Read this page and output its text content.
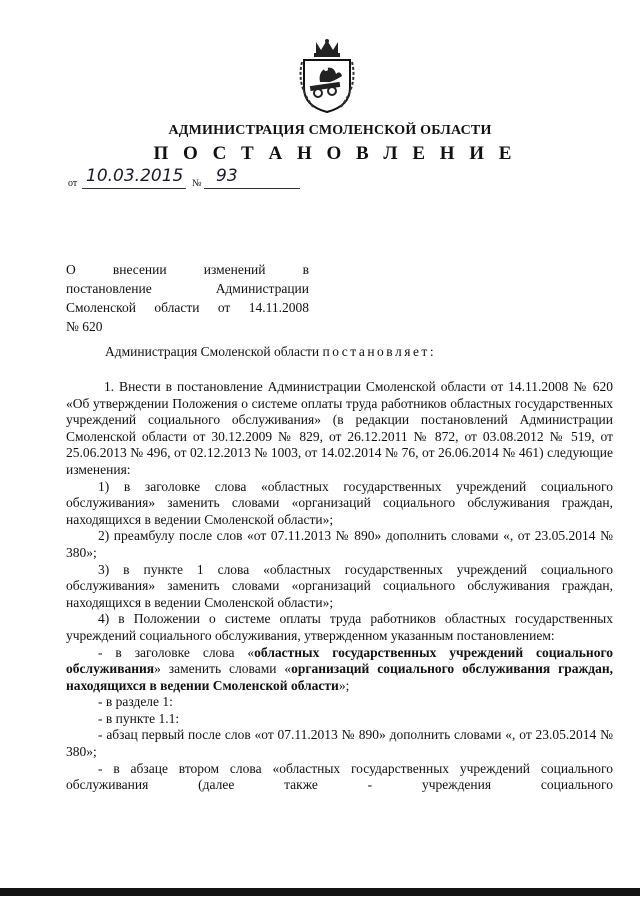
АДМИНИСТРАЦИЯ СМОЛЕНСКОЙ ОБЛАСТИ
П О С Т А Н О В Л Е Н И Е
от 10.03.2015 № 93
О	внесении	изменений	в
постановление	Администрации
Смоленской области от 14.11.2008
№ 620
Администрация Смоленской области постановляет:

1. Внести в постановление Администрации Смоленской области от 14.11.2008 № 620 «Об утверждении Положения о системе оплаты труда работников областных государственных учреждений социального обслуживания» (в редакции постановлений Администрации Смоленской области от 30.12.2009 № 829, от 26.12.2011 № 872, от 03.08.2012 № 519, от 25.06.2013 № 496, от 02.12.2013 № 1003, от 14.02.2014 № 76, от 26.06.2014 № 461) следующие изменения:

1) в заголовке слова «областных государственных учреждений социального обслуживания» заменить словами «организаций социального обслуживания граждан, находящихся в ведении Смоленской области»;

2) преамбулу после слов «от 07.11.2013 № 890» дополнить словами «, от 23.05.2014 № 380»;

3) в пункте 1 слова «областных государственных учреждений социального обслуживания» заменить словами «организаций социального обслуживания граждан, находящихся в ведении Смоленской области»;

4) в Положении о системе оплаты труда работников областных государственных учреждений социального обслуживания, утвержденном указанным постановлением:

- в заголовке слова «областных государственных учреждений социального обслуживания» заменить словами «организаций социального обслуживания граждан, находящихся в ведении Смоленской области»;

- в разделе 1:

- в пункте 1.1:

- абзац первый после слов «от 07.11.2013 № 890» дополнить словами «, от 23.05.2014 № 380»;

- в абзаце втором слова «областных государственных учреждений социального обслуживания (далее также - учреждения социального
